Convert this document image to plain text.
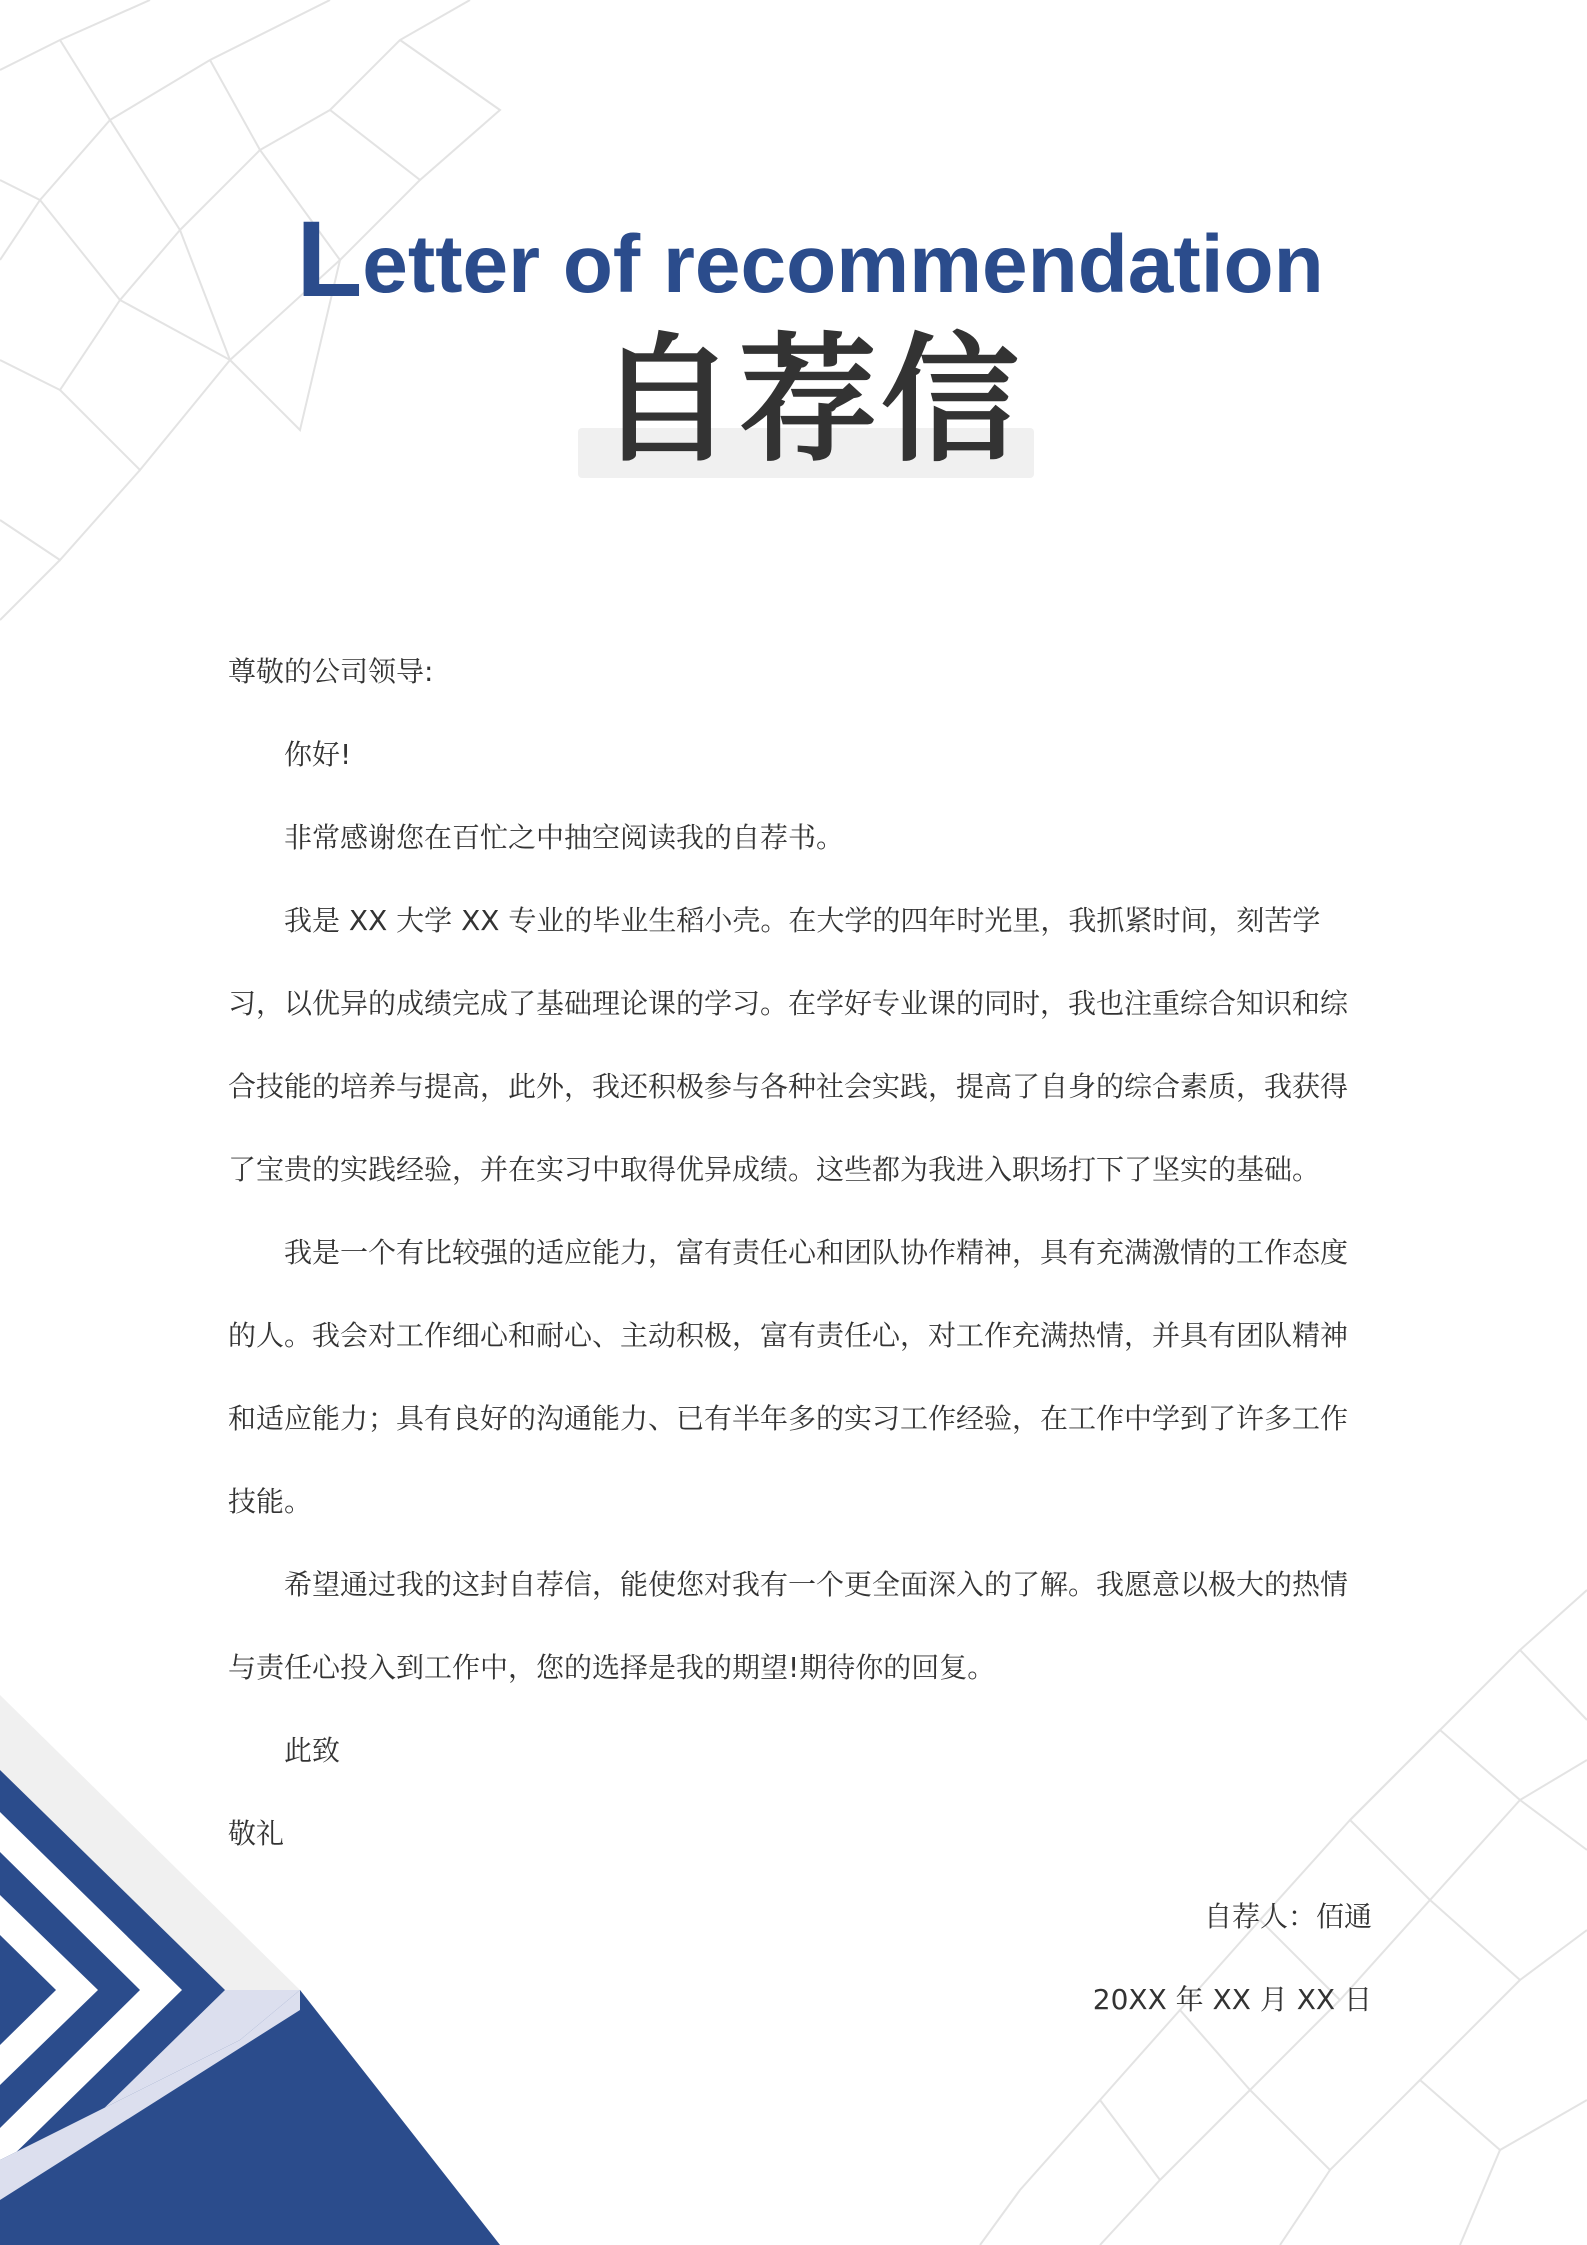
Letter of recommendation
自荐信

尊敬的公司领导:

你好!

非常感谢您在百忙之中抽空阅读我的自荐书。

我是 XX 大学 XX 专业的毕业生稻小壳。在大学的四年时光里，我抓紧时间，刻苦学习，以优异的成绩完成了基础理论课的学习。在学好专业课的同时，我也注重综合知识和综合技能的培养与提高，此外，我还积极参与各种社会实践，提高了自身的综合素质，我获得了宝贵的实践经验，并在实习中取得优异成绩。这些都为我进入职场打下了坚实的基础。

我是一个有比较强的适应能力，富有责任心和团队协作精神，具有充满激情的工作态度的人。我会对工作细心和耐心、主动积极，富有责任心，对工作充满热情，并具有团队精神和适应能力；具有良好的沟通能力、已有半年多的实习工作经验，在工作中学到了许多工作技能。

希望通过我的这封自荐信，能使您对我有一个更全面深入的了解。我愿意以极大的热情与责任心投入到工作中，您的选择是我的期望!期待你的回复。

此致

敬礼

自荐人：佰通

20XX 年 XX 月 XX 日
